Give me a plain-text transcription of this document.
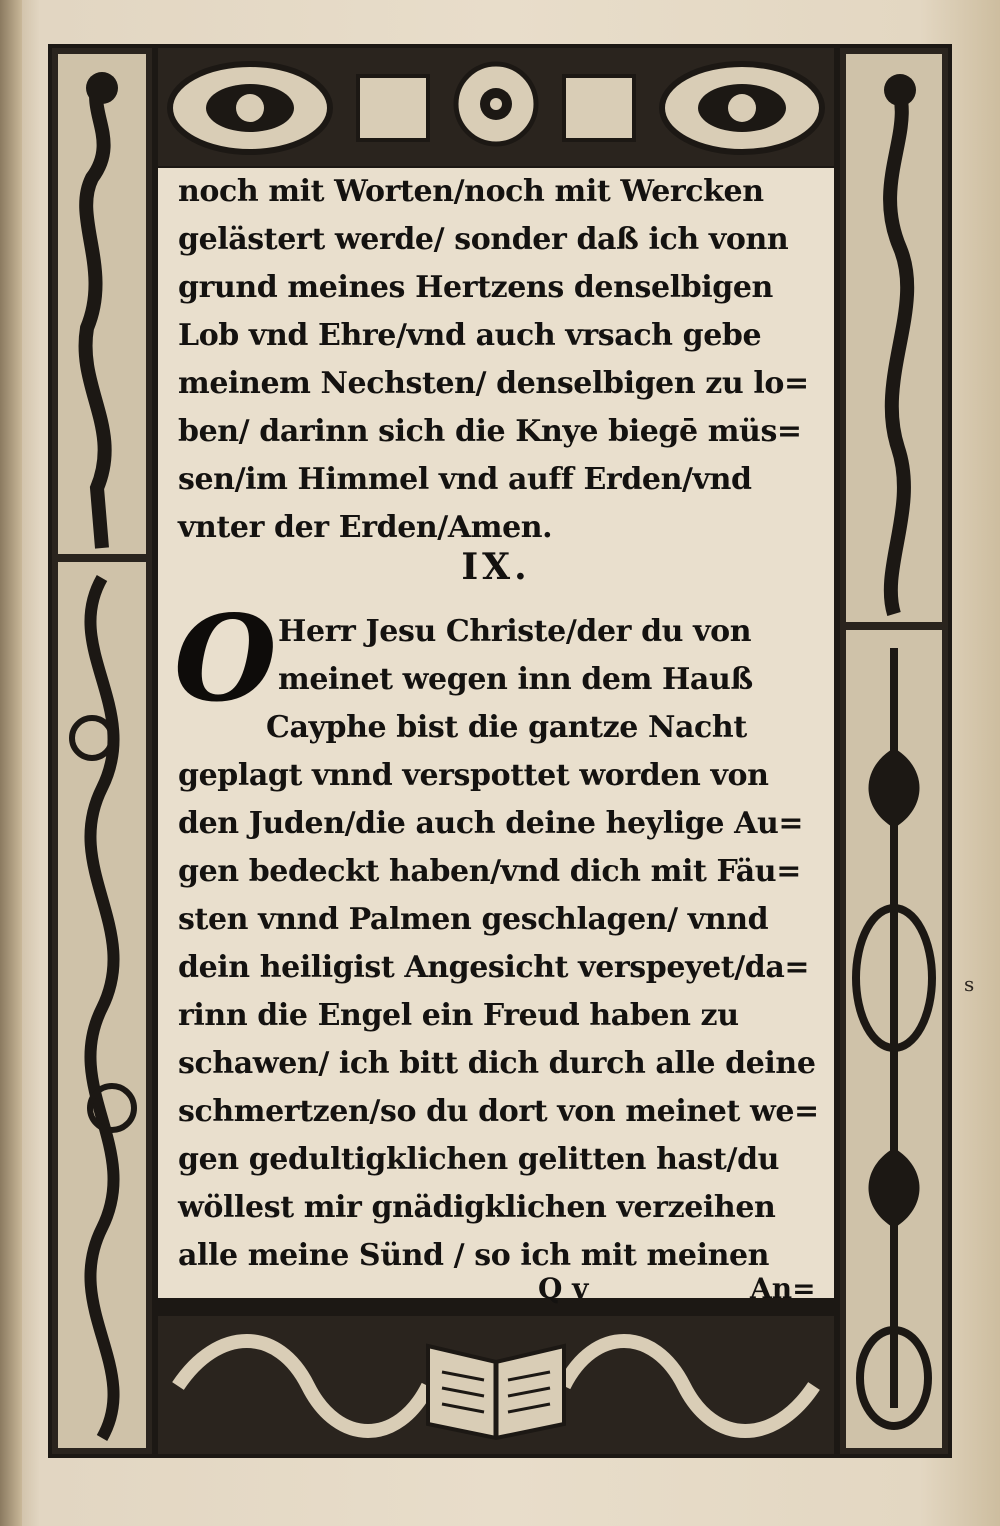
noch mit Worten/noch mit Wercken
gelästert werde/ sonder daß ich vonn
grund meines Hertzens denselbigen
Lob vnd Ehre/vnd auch vrsach gebe
meinem Nechsten/ denselbigen zu lo=
ben/ darinn sich die Knye biegē müs=
sen/im Himmel vnd auff Erden/vnd
vnter der Erden/Amen.
IX.
O Herr Jesu Christe/der du von
meinet wegen inn dem Hauß
Cayphe bist die gantze Nacht
geplagt vnnd verspottet worden von
den Juden/die auch deine heylige Au=
gen bedeckt haben/vnd dich mit Fäu=
sten vnnd Palmen geschlagen/ vnnd
dein heiligist Angesicht verspeyet/da=
rinn die Engel ein Freud haben zu
schawen/ ich bitt dich durch alle deine
schmertzen/so du dort von meinet we=
gen gedultigklichen gelitten hast/du
wöllest mir gnädigklichen verzeihen
alle meine Sünd / so ich mit meinen
Q v	An=
s
